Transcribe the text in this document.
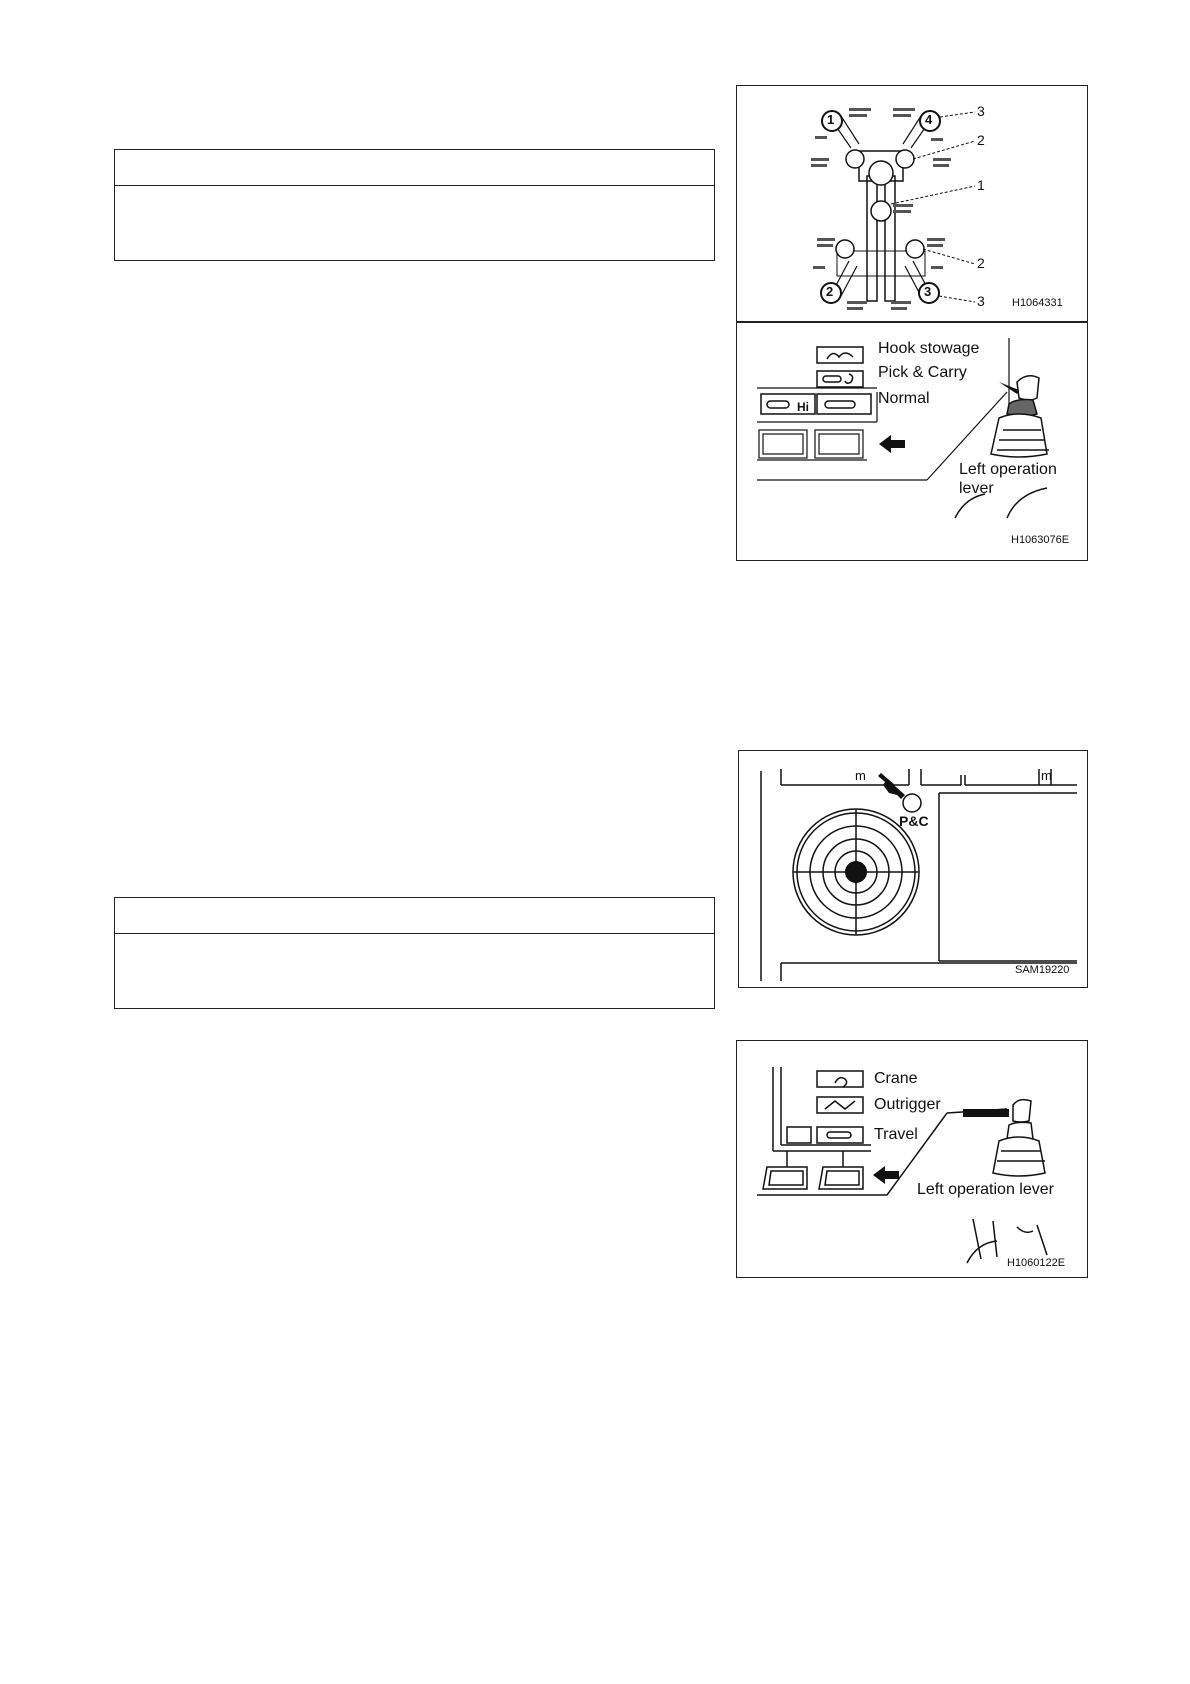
1	4
2	3
3
2
1
2
3 H1064331
Hook stowage
Pick & Carry
Normal
Hi
Left operation
lever
H1063076E
m	m
P&C
SAM19220
Crane
Outrigger
Travel
Left operation lever
H1060122E
